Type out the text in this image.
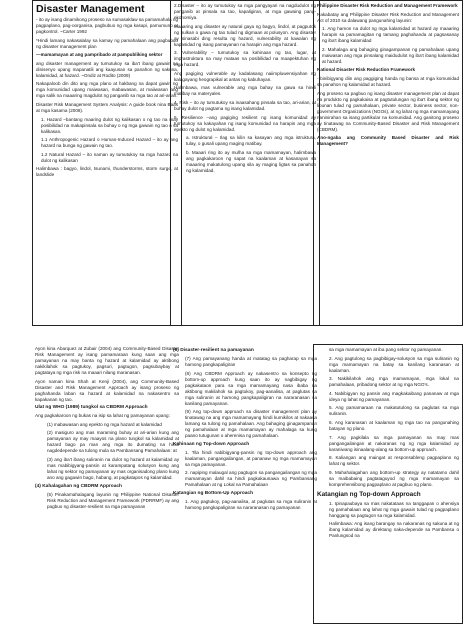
Disaster Management
- ito ay isang dinamikong proseso na sumasaklaw sa pamamahala ng pagpaplano, pag-oorganisa, pagbubuo ng mga kasapi, pamumuno at pagkontrol. ~Carter 1992
*Hindi lamang nakasalalay sa kamay ng pamahalaan ang pagbubuo ng disaster management plan
—mamamayan at ang pampribado at pampubliking sektor
ang disaster management ay tumutukoy sa iba't ibang gawain na dinisenyo upang mapanatili ang kaayusan sa panahon ng sakuna, kalamidad, at hazard. ~Ondiz at Rodito (2009)
Nakapaloob din dito ang mga plano at hakbang na dapat gawin ng mga komunidad upang maiwasan, mabawasan, at maiiwasan ang mga salik na maaaring magdulot ng panganib sa mga tao at ari-arian.
Disaster Risk Management System Analysis: A guide book nina Baas at mga kasama (2008).
1. Hazard –bantang maaring dulot ng kalikasan o ng tao na may posibilidad na makapinsala sa buhay o ng mga gawain ng tao o sa kalikasan.
1.1 Anthropogenic Hazard o Human-Induced Hazard – ito ay ang hazard na bunga ng gawain ng tao.
1.2 Natural Hazard – ito naman ay tumutukoy sa mga hazard na dulot ng kalikasan
Halimbawa : bagyo, lindol, tsunami, thunderstorms, storm surge, at landslide
2.Disaster – ito ay tumutukoy sa mga pangyayari na nagdudulot ng panganib at pinsala sa tao, kapaligiran, at mga gawaing pang-ekonomiya.
Maaaring ang disaster ay natural gaya ng bagyo, lindol, at pagputok ng bulkan o gawa ng tao tulad ng digmaan at polusyon. Ang disaster ay sinasabi ding resulta ng hazard, vulnerability at kawalan ng kapasidad ng isang pamayanan na harapin ang mga hazard.
3. Vulnerability – tumutukoy sa kahinaan ng tao, lugar, at imprastruktura na may mataas na posibilidad na maapektuhan ng mga hazard.
Ang pagiging vulnerable ay kadalasang naiimpluwensiyahan ng kalagayang heograpikal at antas ng kabuhayan.
Halimbawa, mas vulnerable ang mga bahay na gawa sa hindi matibay na materyales.
4. Risk – ito ay tumutukoy sa inaasahang pinsala sa tao, ari-arian, at buhay dulot ng pagtama ng isang kalamidad.
5. Resilience –ang pagiging resilient ng isang komunidad ay tumutukoy sa kakayahan ng isang komunidad na harapin ang mga epekto ng dulot ng kalamidad.
a. Istruktural – Ilag sa kilin sa kasayan ang mga istruktura, tulay, o gusali upang maging matibay.
b. Maaari ring ito ay mulha sa mga mamamayan, halimbawa ang pagkakaroon ng sapat na kaalaman at kasanayan sa maaaring makatulong upang sila ay maging ligtas sa panahon ng kalamidad.
Philippine Disaster Risk Reduction and Management Framework
Nakabatay ang Philippine Disaster Risk Reduction and Management Act of 2010 sa dalawang pangunahing layunin:
1. Ang hamon na dulot ng mga kalamidad at hazard ay maaaring harapin sa pamamagitan ng tamang paghahanda at pagsasanay ng iba't ibang kalamidad
2. Mahalaga ang bahaging ginagampanan ng pamahalaan upang maiwasan ang mga pinsalang maidudulot ng iba't ibang kalamidad at hazard.
National Disaster Risk Reduction Framework
- binibigyang diin ang paggiging handa ng bansa at mga komunidad sa panahon ng kalamidad at hazard.
Ang proseso sa pagbuo ng isang disaster management plan at dapat na produkto ng pagkakaisa at pagtutulungan ng iba't ibang sektor ng lipunan tulad ng pamahalaan, private sector, business sector, non-government Organizations (NGOs), at ng lahat ng mga mamamayang naninirahan sa isang partikular na komunidad. Ang ganitong proseso ay tinatawag na Community-Based Disaster and Risk Management (CBDRM).
Ano-ngaba ang Community Based Disaster and Risk Management?
Ayon kina Abarquez at Zubair (2004) ang Community-Based Disaster Risk Management ay isang pamamaraan kung saan ang mga pamayanan na may banta ng hazard at kalamidad ay aktibong nakikilahok sa pagtukoy, pagsuri, pagtugon, pagsubaybay at pagtataya ng mga risk na maaari nilang maranasan.
Ayon naman kina Shah at Kenji (2004), ang Community-Based Disaster and Risk Management Approach ay isang proseso ng paghahanda laban sa hazard at kalamidad na nakasentro sa kapakanan ng tao.
Ulat ng WHO (1989) tungkol sa CBDRM Approach
Ang pagkakaroon ng bukas na isip sa lahat ng pamayanan upang:
(1) mabawasan ang epekto ng mga hazard at kalamidad
(2) masiguro ang mas maraming buhay at ari-arian kung ang pamayanan ay may maayos na plano tungkol sa kalamidad at hazard bago pa man ang mga ito dumating na hindi nagdedepende sa tulong mula sa Pambansang Pamahalaan: at
(3) ang iba't ibang suliranin na dulot ng hazard at kalamidad ay mas mabibigyang-pansin at karampatang solusyon kung ang lahat ng sektor ng pamayanan ay mas organisadong plano kung ano ang gagawin bago, habang, at pagkatapos ng kalamidad.
(4) Kahalagahan ng CBDRM Approach
(5) Pinakamahalagang layunin ng Philippine National Disaster Risk Reduction and Management Framework (PDRRMF) ay ang pagbuo ng disaster-resilient na mga pamayanan
(6) Disaster-resilient na pamayanan
(7) Ang pamayanang handa at matatag sa pagharap sa mga hamong pangkapaligiran
(8) Ang CBDRM Approach ay nakasentro sa konsepto ng bottom-up approach kung saan ito ay nagbibigay ng pagkakataon para sa mga mamamayang nasa ibaba na aktibong makilahok sa pagtukoy, pag-aanalisa, at paglutas sa mga suliranin at hamong pangkapaligiran na nararanasan sa kanilang pamayanan.
(9) Ang top-down approach sa disaster management plan ay tinatawag na ang mga mamamayang hindi kumikilos at nakaasa lamang sa tulong ng pamahalaan. Ang bahaging ginagampanan ng pamahalaan at mga mamamayan ay mahalaga sa kung paano tutugunan o aherenisa ng pamahalaan.
Kahinaan ng Top-down Approach
1. Tila hindi nabibigyang-pansin ng top-down approach ang kaalaman, pangangailangan, at pananaw ng mga mamamayan sa mga pamayanan.
2. napiping malaugal ang pagtugon sa pangangailangan ng mga mamamayan dahil sa hindi pagkakaunawa ng Pambansang Pamahalaan at ng Lokal na Pamahalaan
Katangian ng Bottom-Up Approach
1. Ang pagtukoy, pag-aanalisa, at paglutas sa mga suliranin at hamong pangkapaligiran na nararanasan ng pamayanan
sa mga mamamayan at iba pang sektor ng pamayanan.
2. Ang pagtulong sa pagbibigay-solusyon sa mga suliranin ng mga mamamayan na batay sa kanilang karanasan at kaalaman.
3. Nakikilahok ang mga mamamayan, mga lokal na pamahalaan, pribadong sektor at ng mga NGO's.
4. Nabibigyan ng pansin ang magkakaibang pananaw at mga ideya ng lahat ng pamayanan.
5. Ang pamamaraan na makatutulong sa paglutas sa mga suliranin.
6. Ang karanasan at kaalaman ng mga tao na pangunahing batayan ng plano.
7. Ang pagkilala sa mga pamayanan na may mas pangangailangan at nakaranas ng ng mga kalamidad ay karaniwang isinaalang-alang sa bottom-up approach.
8. Kaliangan ang maingat at responsableng pagpaplano ng lahat ng sektor.
9. Mahahalagahan ang bottom-up strategy ay natatamo dahil sa maibabaing pagtataguyod ng mga mamamayan sa komprehensibong pagpaplano at pagbuo ng plano.
Katangian ng Top-down Approach
1. Ipinapaubaya sa mas nakatataas na tanggapan o ahensiya ng pamahalaan ang lahat ng mga gawain tulad ng pagpaplano hanggang sa pagtugon sa mga kalamidad.
Halimbawa: Ang isang barangay na nakaranas ng sakuna at ng ibang kalamidad ay direktang naka-depende sa Pambansa o Panlungsod na
